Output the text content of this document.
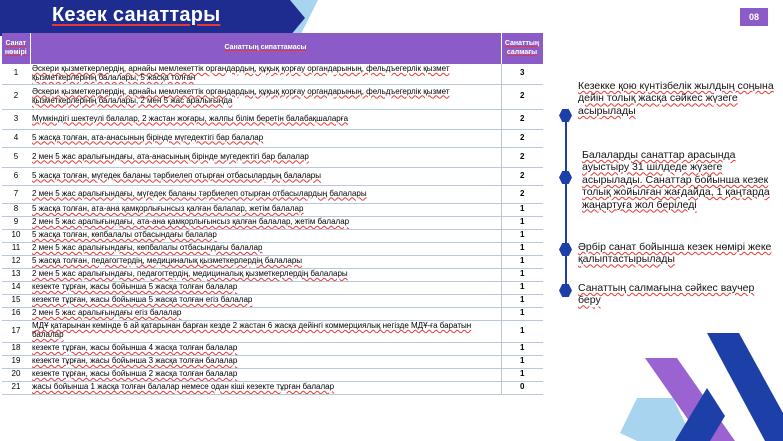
Кезек санаттары	08
Санат нөмірі	Санаттың сипаттамасы	Санаттың салмағы
1	Әскери қызметкерлердің, арнайы мемлекеттік органдардың, құқық қорғау органдарының, фельдъегерлік қызмет қызметкерлерінің балалары, 5 жасқа толған	3
2	Әскери қызметкерлердің, арнайы мемлекеттік органдардың, құқық қорғау органдарының, фельдъегерлік қызмет қызметкерлерінің балалары, 2 мен 5 жас аралығында	2
3	Мүмкіндігі шектеулі балалар, 2 жастан жоғары, жалпы білім беретін балабақшаларға	2
4	5 жасқа толған, ата-анасының бірінде мүгедектігі бар балалар	2
5	2 мен 5 жас аралығындағы, ата-анасының бірінде мүгедектігі бар балалар	2
6	5 жасқа толған, мүгедек баланы тәрбиелеп отырған отбасылардың балалары	2
7	2 мен 5 жас аралығындағы, мүгедек баланы тәрбиелеп отырған отбасылардың балалары	2
8	5 жасқа толған, ата-ана қамқорлығынсыз қалған балалар, жетім балалар	1
9	2 мен 5 жас аралығындағы, ата-ана қамқорлығынсыз қалған балалар, жетім балалар	1
10	5 жасқа толған, көпбалалы отбасындағы балалар	1
11	2 мен 5 жас аралығындағы, көпбалалы отбасындағы балалар	1
12	5 жасқа толған, педагогтердің, медициналық қызметкерлердің балалары	1
13	2 мен 5 жас аралығындағы, педагогтердің, медициналық қызметкерлердің балалары	1
14	кезекте тұрған, жасы бойынша 5 жасқа толған балалар	1
15	кезекте тұрған, жасы бойынша 5 жасқа толған егіз балалар	1
16	2 мен 5 жас аралығындағы егіз балалар	1
17	МДҰ қатарынан кемінде 6 ай қатарынан барған кезде 2 жастан 6 жасқа дейінгі коммерциялық негізде МДҰ-ға баратын балалар	1
18	кезекте тұрған, жасы бойынша 4 жасқа толған балалар	1
19	кезекте тұрған, жасы бойынша 3 жасқа толған балалар	1
20	кезекте тұрған, жасы бойынша 2 жасқа толған балалар	1
21	жасы бойынша 1 жасқа толған балалар немесе одан кіші кезекте тұрған балалар	0
Кезекке қою күнтізбелік жылдың соңына дейін толық жасқа сәйкес жүзеге асырылады
Балаларды санаттар арасында ауыстыру 31 шілдеде жүзеге асырылады. Санаттар бойынша кезек толық жойылған жағдайда, 1 қаңтарда жаңартуға жол беріледі
Әрбір санат бойынша кезек нөмірі жеке қалыптастырылады
Санаттың салмағына сәйкес ваучер беру
